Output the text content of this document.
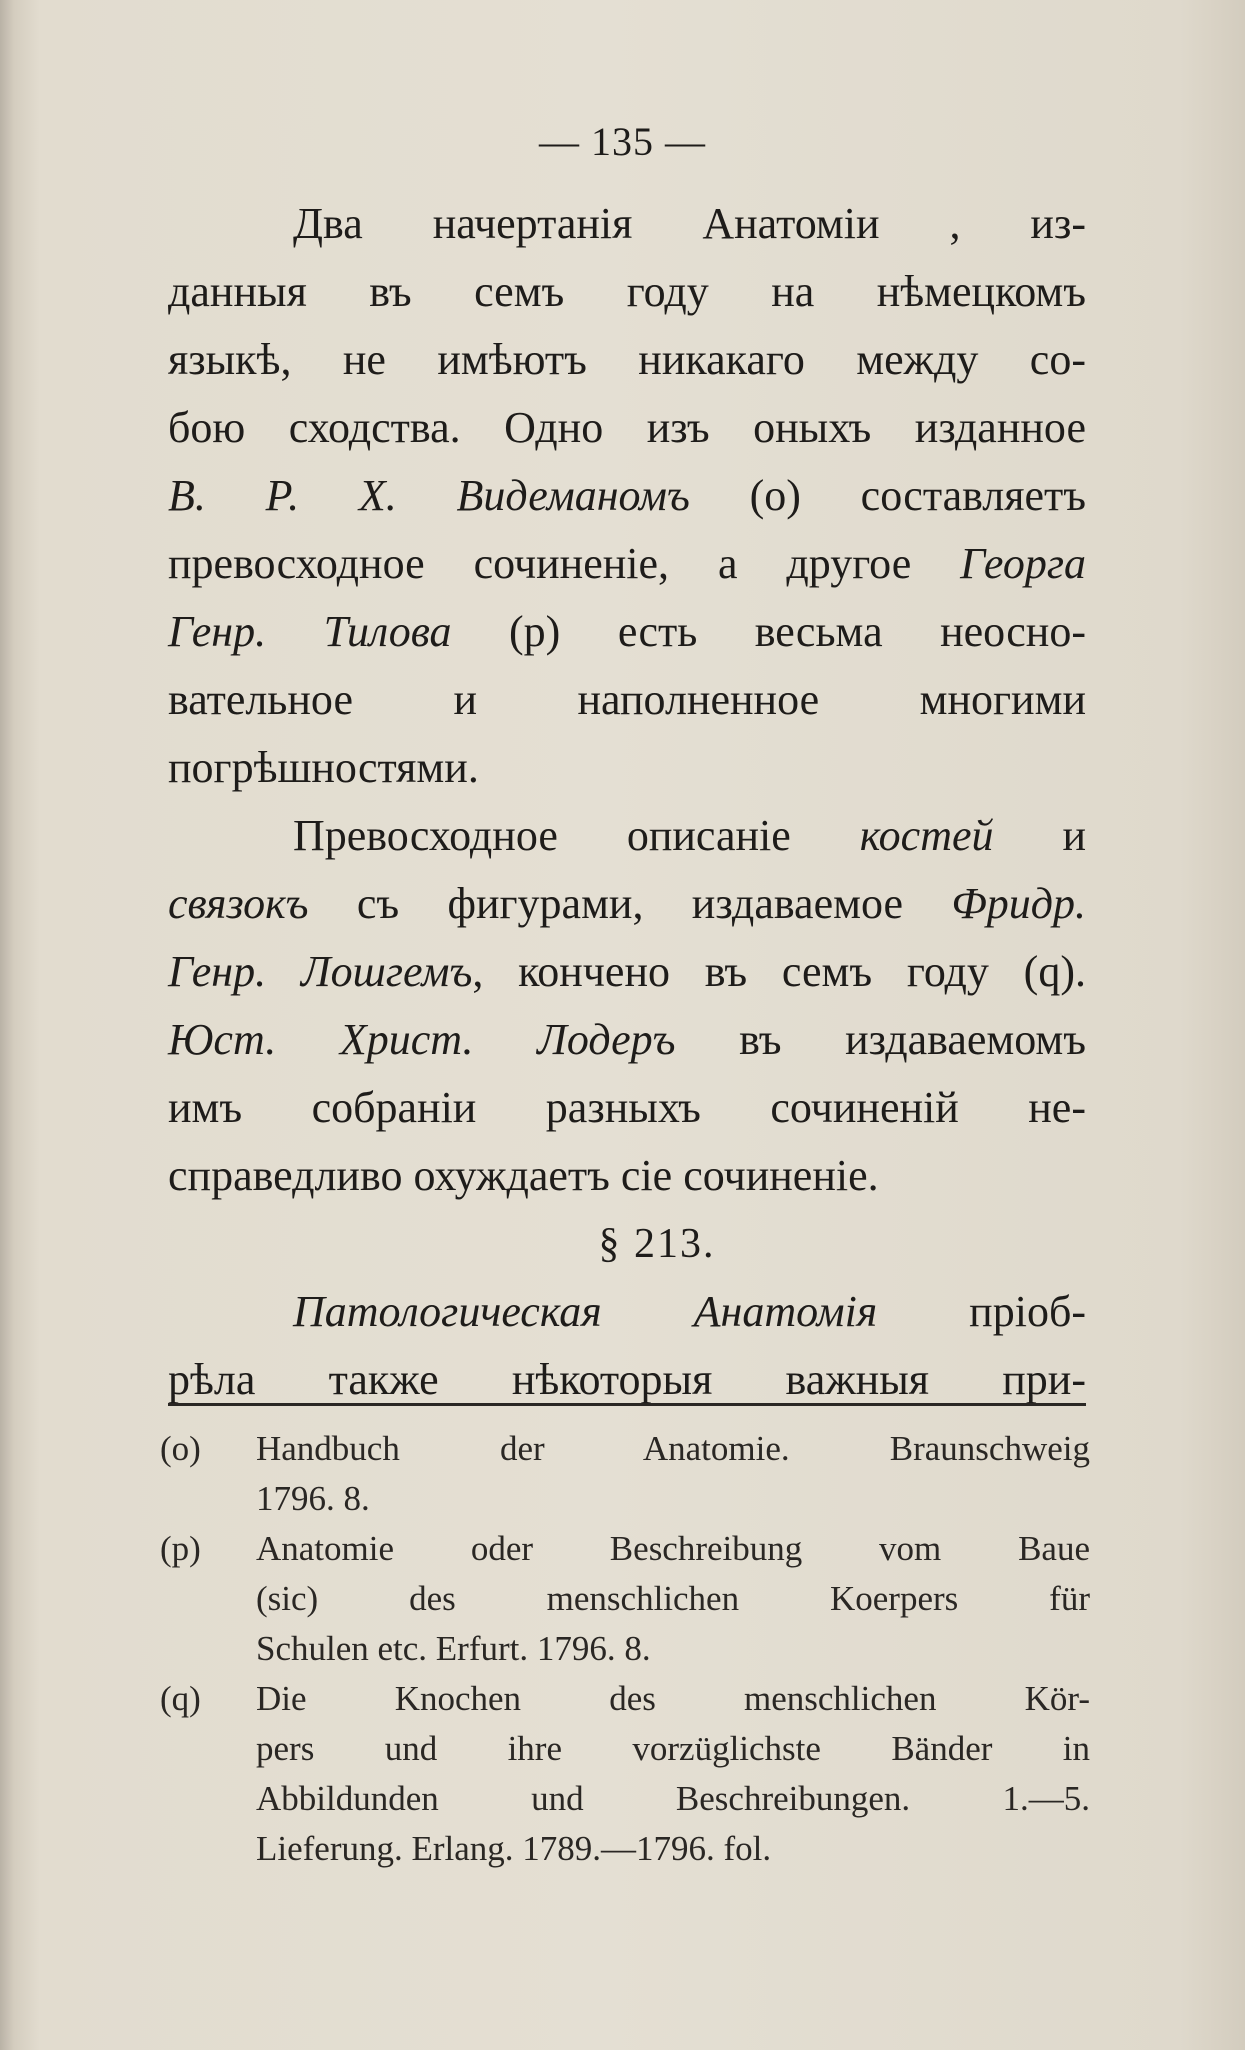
— 135 —
Два начертанія Анатоміи , из-
данныя въ семъ году на нѣмецкомъ
языкѣ, не имѣютъ никакаго между со-
бою сходства. Одно изъ оныхъ изданное
В. Р. Х. Видеманомъ (о) составляетъ
превосходное сочиненіе, а другое Георга
Генр. Тилова (р) есть весьма неосно-
вательное и наполненное многими
погрѣшностями.
Превосходное описаніе костей и
связокъ съ фигурами, издаваемое Фридр.
Генр. Лошгемъ, кончено въ семъ году (q).
Юст. Христ. Лодеръ въ издаваемомъ
имъ собраніи разныхъ сочиненій не-
справедливо охуждаетъ сіе сочиненіе.
§ 213.
Патологическая Анатомія пріоб-
рѣла также нѣкоторыя важныя при-
(o)	Handbuch der Anatomie. Braunschweig
1796. 8.
(p)	Anatomie oder Beschreibung vom Baue
(sic) des menschlichen Koerpers für
Schulen etc. Erfurt. 1796. 8.
(q)	Die Knochen des menschlichen Kör-
pers und ihre vorzüglichste Bänder in
Abbildunden und Beschreibungen. 1.—5.
Lieferung. Erlang. 1789.—1796. fol.
